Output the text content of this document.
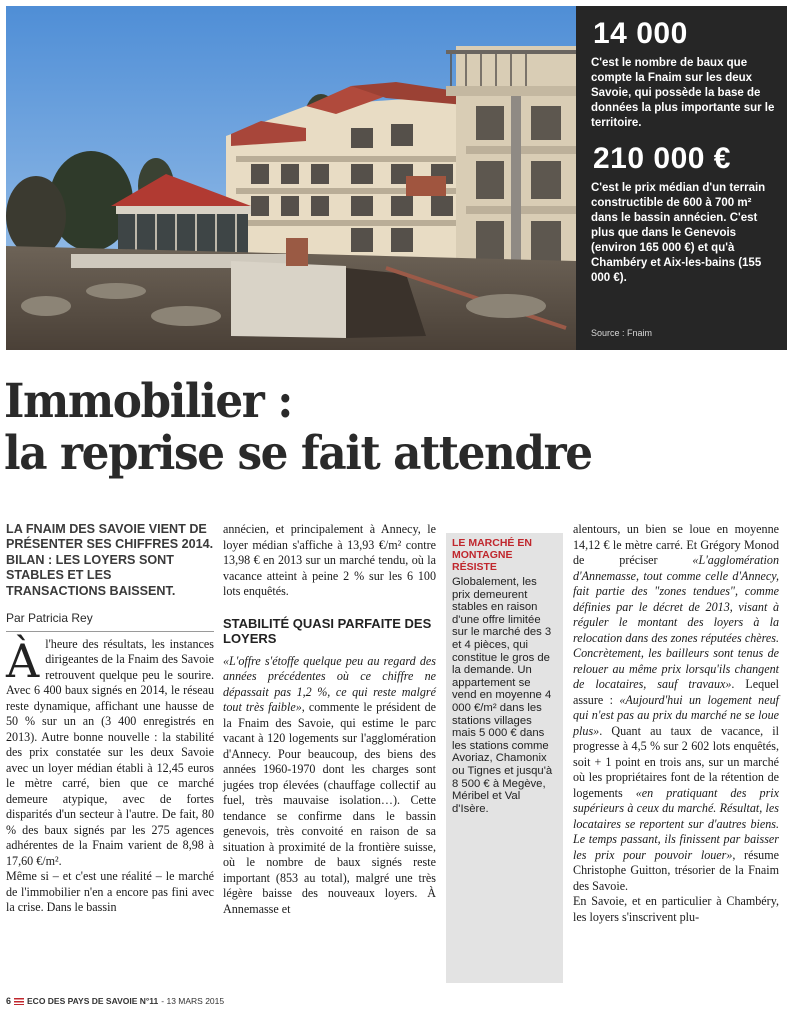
14 000
C'est le nombre de baux que compte la Fnaim sur les deux Savoie, qui possède la base de données la plus importante sur le territoire.
210 000 €
C'est le prix médian d'un terrain constructible de 600 à 700 m² dans le bassin annécien. C'est plus que dans le Genevois (environ 165 000 €) et qu'à Chambéry et Aix-les-bains (155 000 €).
Source : Fnaim
Immobilier :
la reprise se fait attendre
LA FNAIM DES SAVOIE VIENT DE PRÉSENTER SES CHIFFRES 2014. BILAN : LES LOYERS SONT STABLES ET LES TRANSACTIONS BAISSENT.
Par Patricia Rey

Àl'heure des résultats, les instances dirigeantes de la Fnaim des Savoie retrouvent quelque peu le sourire. Avec 6 400 baux signés en 2014, le réseau reste dynamique, affichant une hausse de 50 % sur un an (3 400 enregistrés en 2013). Autre bonne nouvelle : la stabilité des prix constatée sur les deux Savoie avec un loyer médian établi à 12,45 euros le mètre carré, bien que ce marché demeure atypique, avec de fortes disparités d'un secteur à l'autre. De fait, 80 % des baux signés par les 275 agences adhérentes de la Fnaim varient de 8,98 à 17,60 €/m².

Même si – et c'est une réalité – le marché de l'immobilier n'en a encore pas fini avec la crise. Dans le bassin

annécien, et principalement à Annecy, le loyer médian s'affiche à 13,93 €/m² contre 13,98 € en 2013 sur un marché tendu, où la vacance atteint à peine 2 % sur les 6 100 lots enquêtés.

STABILITÉ QUASI PARFAITE DES LOYERS

«L'offre s'étoffe quelque peu au regard des années précédentes où ce chiffre ne dépassait pas 1,2 %, ce qui reste malgré tout très faible», commente le président de la Fnaim des Savoie, qui estime le parc vacant à 120 logements sur l'agglomération d'Annecy. Pour beaucoup, des biens des années 1960-1970 dont les charges sont jugées trop élevées (chauffage collectif au fuel, très mauvaise isolation…). Cette tendance se confirme dans le bassin genevois, très convoité en raison de sa situation à proximité de la frontière suisse, où le nombre de baux signés reste important (853 au total), malgré une très légère baisse des nouveaux loyers. À Annemasse et

LE MARCHÉ EN MONTAGNE RÉSISTE
Globalement, les prix demeurent stables en raison d'une offre limitée sur le marché des 3 et 4 pièces, qui constitue le gros de la demande. Un appartement se vend en moyenne 4 000 €/m² dans les stations villages mais 5 000 € dans les stations comme Avoriaz, Chamonix ou Tignes et jusqu'à 8 500 € à Megève, Méribel et Val d'Isère.

alentours, un bien se loue en moyenne 14,12 € le mètre carré. Et Grégory Monod de préciser «L'agglomération d'Annemasse, tout comme celle d'Annecy, fait partie des "zones tendues", comme définies par le décret de 2013, visant à réguler le montant des loyers à la relocation dans des zones réputées chères. Concrètement, les bailleurs sont tenus de relouer au même prix lorsqu'ils changent de locataires, sauf travaux». Lequel assure : «Aujourd'hui un logement neuf qui n'est pas au prix du marché ne se loue plus». Quant au taux de vacance, il progresse à 4,5 % sur 2 602 lots enquêtés, soit + 1 point en trois ans, sur un marché où les propriétaires font de la rétention de logements «en pratiquant des prix supérieurs à ceux du marché. Résultat, les locataires se reportent sur d'autres biens. Le temps passant, ils finissent par baisser les prix pour pouvoir louer», résume Christophe Guitton, trésorier de la Fnaim des Savoie.

En Savoie, et en particulier à Chambéry, les loyers s'inscrivent plu-

6 ECO DES PAYS DE SAVOIE N°11 - 13 MARS 2015
